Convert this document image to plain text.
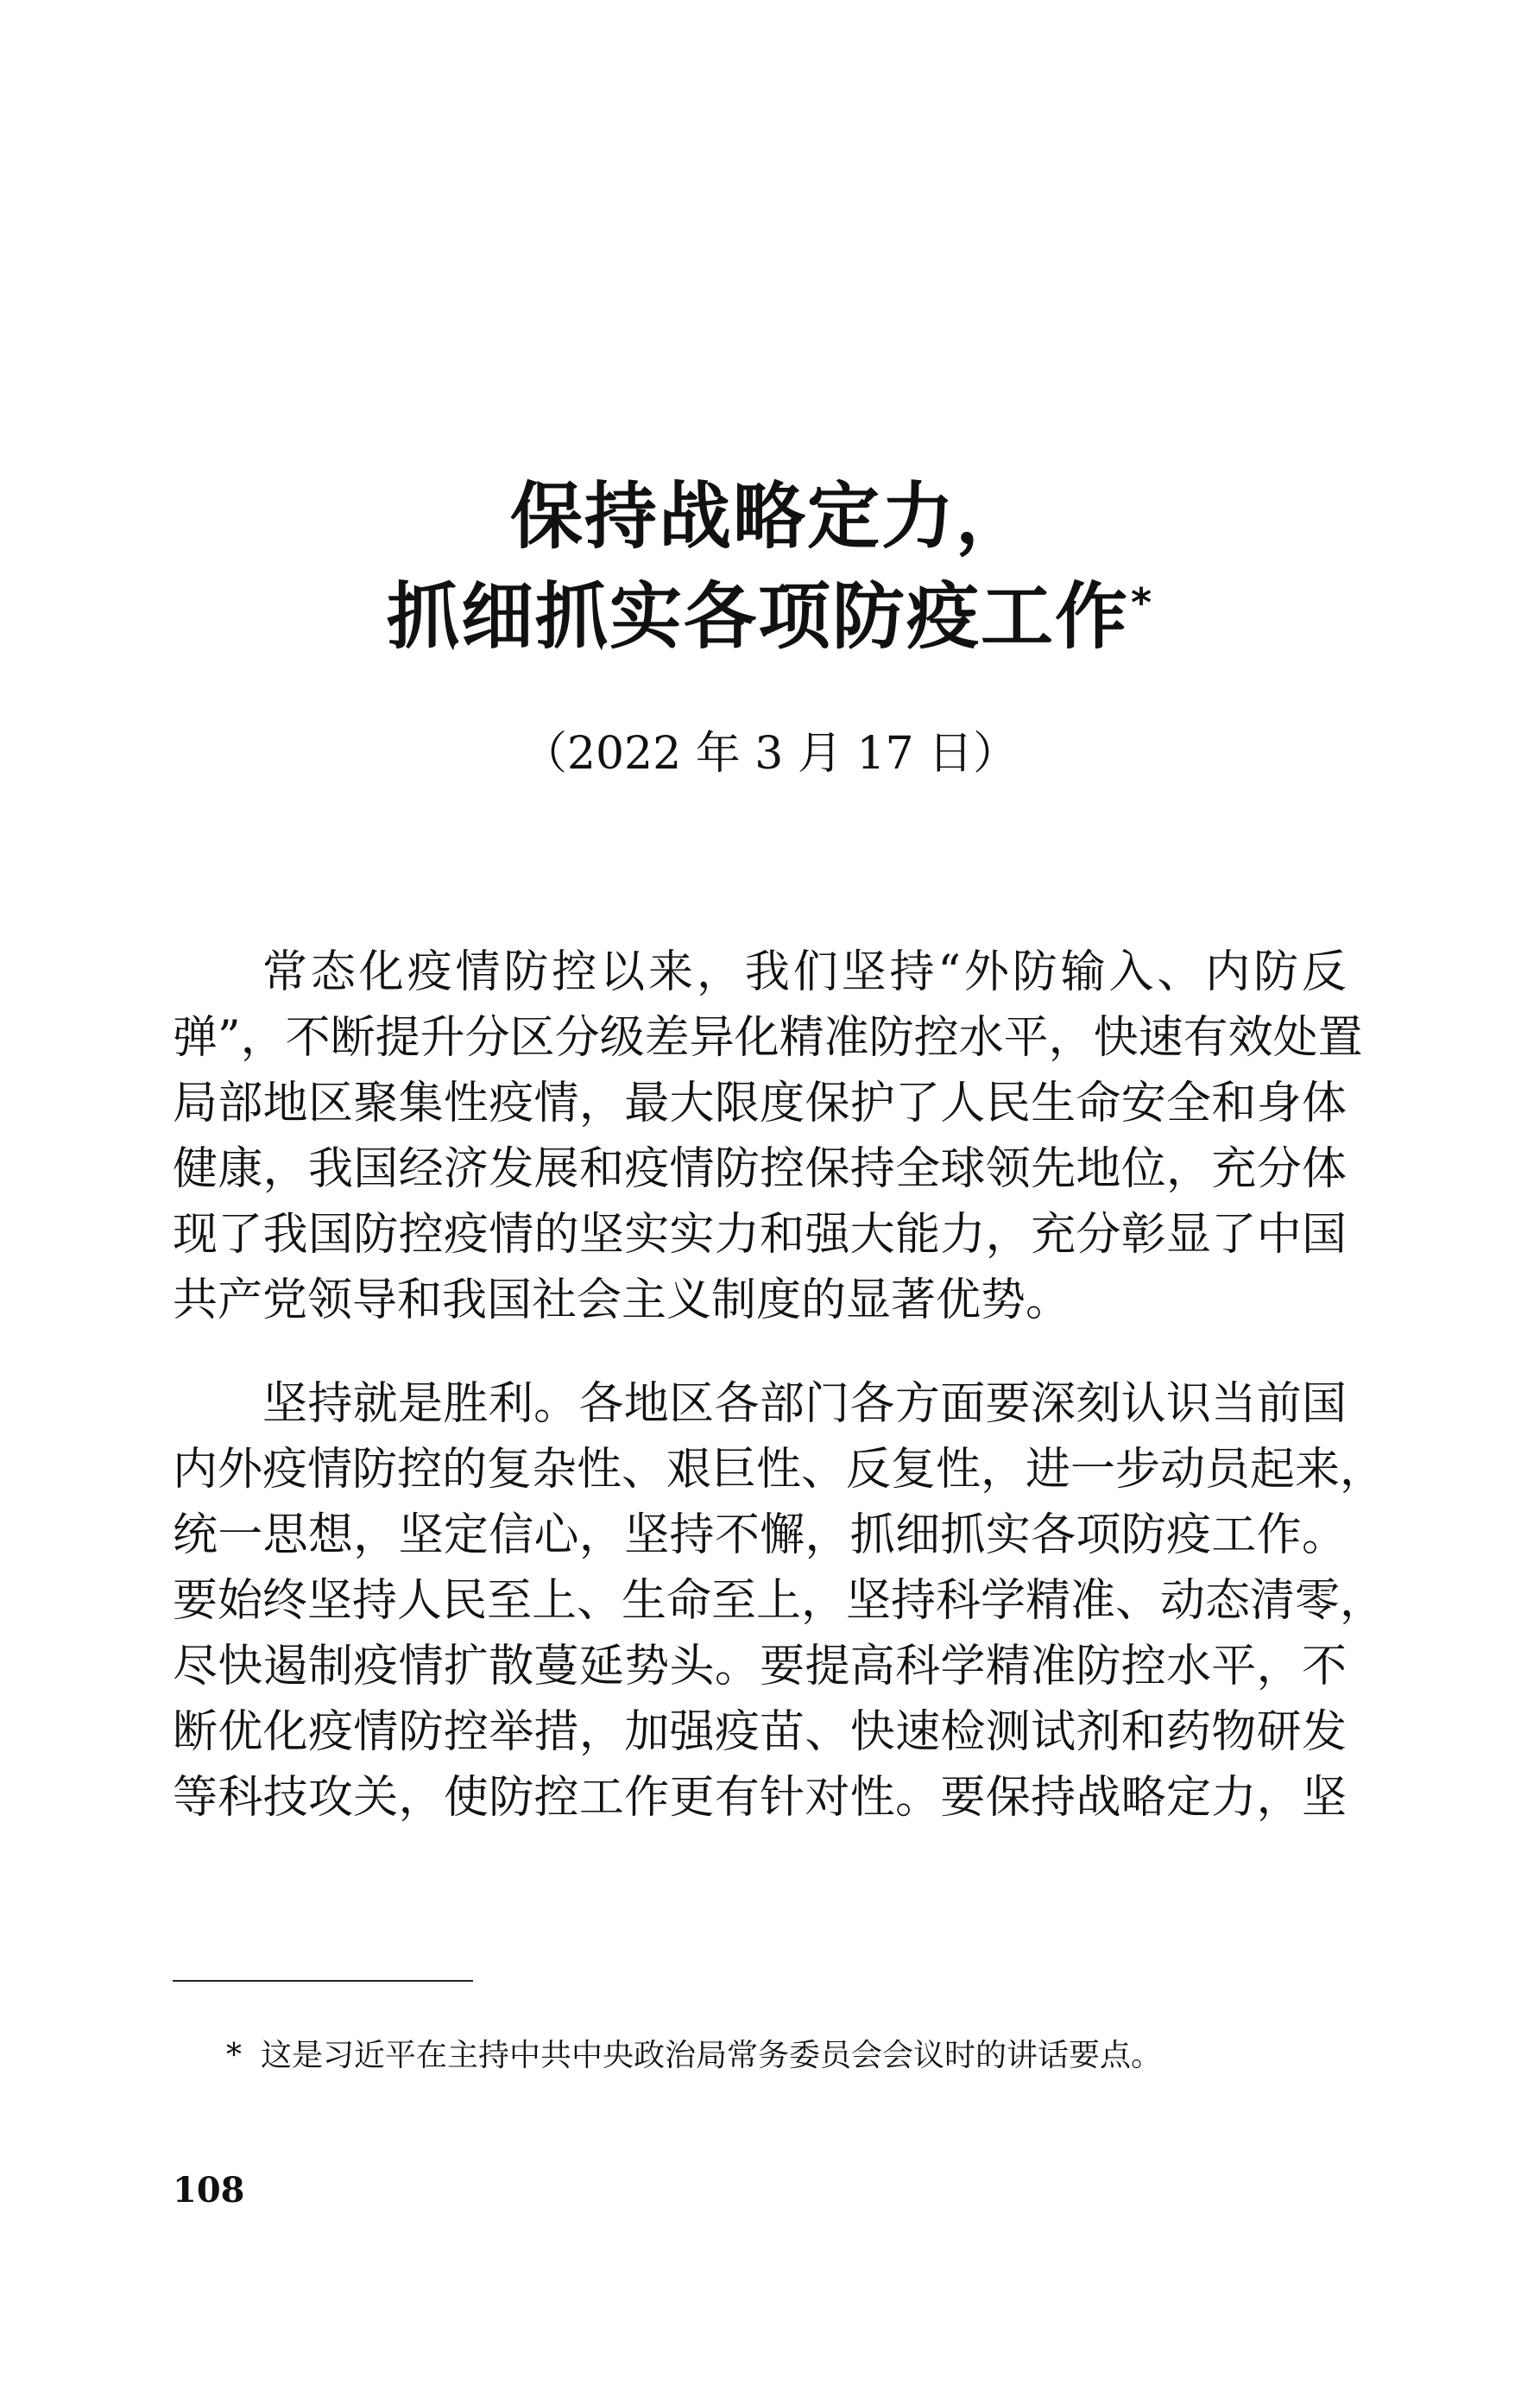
保持战略定力，
抓细抓实各项防疫工作*
（2022 年 3 月 17 日）
常态化疫情防控以来，我们坚持“外防输入、内防反
弹”，不断提升分区分级差异化精准防控水平，快速有效处置
局部地区聚集性疫情，最大限度保护了人民生命安全和身体
健康，我国经济发展和疫情防控保持全球领先地位，充分体
现了我国防控疫情的坚实实力和强大能力，充分彰显了中国
共产党领导和我国社会主义制度的显著优势。
坚持就是胜利。各地区各部门各方面要深刻认识当前国
内外疫情防控的复杂性、艰巨性、反复性，进一步动员起来，
统一思想，坚定信心，坚持不懈，抓细抓实各项防疫工作。
要始终坚持人民至上、生命至上，坚持科学精准、动态清零，
尽快遏制疫情扩散蔓延势头。要提高科学精准防控水平，不
断优化疫情防控举措，加强疫苗、快速检测试剂和药物研发
等科技攻关，使防控工作更有针对性。要保持战略定力，坚
* 这是习近平在主持中共中央政治局常务委员会会议时的讲话要点。
108
